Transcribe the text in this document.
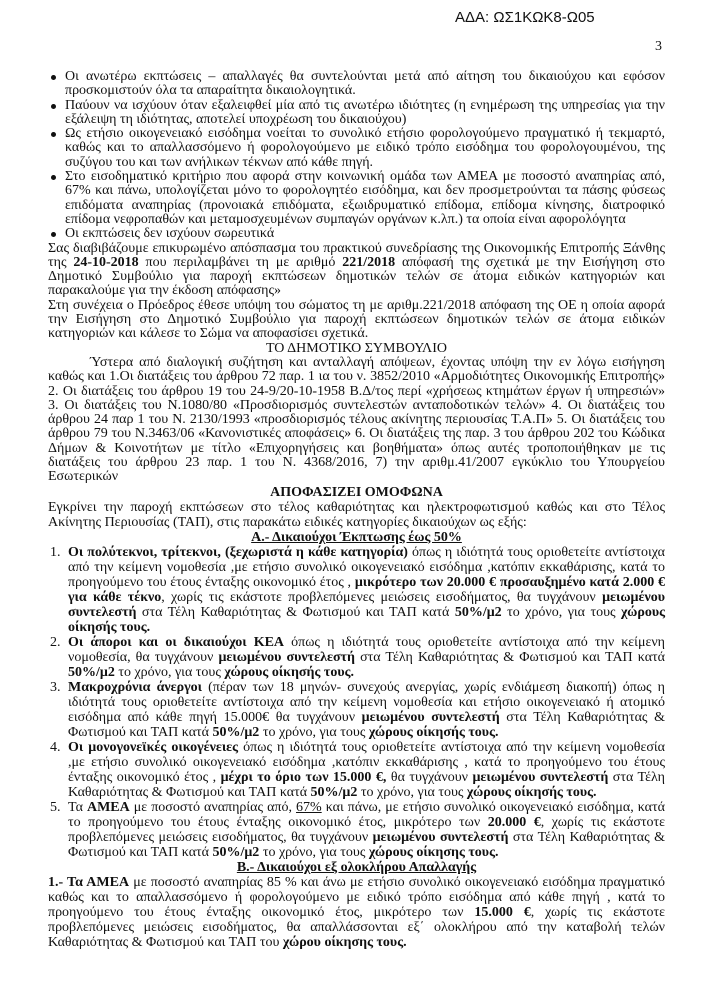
ΑΔΑ: ΩΣ1ΚΩΚ8-Ω05
3
Οι ανωτέρω εκπτώσεις – απαλλαγές θα συντελούνται μετά από αίτηση του δικαιούχου και εφόσον προσκομιστούν όλα τα απαραίτητα δικαιολογητικά.
Παύουν να ισχύουν όταν εξαλειφθεί μία από τις ανωτέρω ιδιότητες (η ενημέρωση της υπηρεσίας για την εξάλειψη τη ιδιότητας, αποτελεί υποχρέωση του δικαιούχου)
Ως ετήσιο οικογενειακό εισόδημα νοείται το συνολικό ετήσιο φορολογούμενο πραγματικό ή τεκμαρτό, καθώς και το απαλλασσόμενο ή φορολογούμενο με ειδικό τρόπο εισόδημα του φορολογουμένου, της συζύγου του και των ανήλικων τέκνων από κάθε πηγή.
Στο εισοδηματικό κριτήριο που αφορά στην κοινωνική ομάδα των ΑΜΕΑ με ποσοστό αναπηρίας από, 67% και πάνω, υπολογίζεται μόνο το φορολογητέο εισόδημα, και δεν προσμετρούνται τα πάσης φύσεως επιδόματα αναπηρίας (προνοιακά επιδόματα, εξωιδρυματικό επίδομα, επίδομα κίνησης, διατροφικό επίδομα νεφροπαθών και μεταμοσχευμένων συμπαγών οργάνων κ.λπ.) τα οποία είναι αφορολόγητα
Οι εκπτώσεις δεν ισχύουν σωρευτικά

Σας διαβιβάζουμε επικυρωμένο απόσπασμα του πρακτικού συνεδρίασης της Οικονομικής Επιτροπής Ξάνθης της 24-10-2018 που περιλαμβάνει τη με αριθμό 221/2018 απόφασή της σχετικά με την Εισήγηση στο Δημοτικό Συμβούλιο για παροχή εκπτώσεων δημοτικών τελών σε άτομα ειδικών κατηγοριών και παρακαλούμε για την έκδοση απόφασης»

Στη συνέχεια ο Πρόεδρος έθεσε υπόψη του σώματος τη με αριθμ.221/2018 απόφαση της ΟΕ η οποία αφορά την Εισήγηση στο Δημοτικό Συμβούλιο για παροχή εκπτώσεων δημοτικών τελών σε άτομα ειδικών κατηγοριών και κάλεσε το Σώμα να αποφασίσει σχετικά.

ΤΟ ΔΗΜΟΤΙΚΟ ΣΥΜΒΟΥΛΙΟ

Ύστερα από διαλογική συζήτηση και ανταλλαγή απόψεων, έχοντας υπόψη την εν λόγω εισήγηση καθώς και 1.Οι διατάξεις του άρθρου 72 παρ. 1 ια του ν. 3852/2010 «Αρμοδιότητες Οικονομικής Επιτροπής» 2. Οι διατάξεις του άρθρου 19 του 24-9/20-10-1958 Β.Δ/τος περί «χρήσεως κτημάτων έργων ή υπηρεσιών» 3. Οι διατάξεις του Ν.1080/80 «Προσδιορισμός συντελεστών ανταποδοτικών τελών» 4. Οι διατάξεις του άρθρου 24 παρ 1 του Ν. 2130/1993 «προσδιορισμός τέλους ακίνητης περιουσίας Τ.Α.Π» 5. Οι διατάξεις του άρθρου 79 του Ν.3463/06 «Κανονιστικές αποφάσεις» 6. Οι διατάξεις της παρ. 3 του άρθρου 202 του Κώδικα Δήμων & Κοινοτήτων με τίτλο «Επιχορηγήσεις και βοηθήματα» όπως αυτές τροποποιήθηκαν με τις διατάξεις του άρθρου 23 παρ. 1 του Ν. 4368/2016, 7) την αριθμ.41/2007 εγκύκλιο του Υπουργείου Εσωτερικών

ΑΠΟΦΑΣΙΖΕΙ ΟΜΟΦΩΝΑ

Εγκρίνει την παροχή εκπτώσεων στο τέλος καθαριότητας και ηλεκτροφωτισμού καθώς και στο Τέλος Ακίνητης Περιουσίας (ΤΑΠ), στις παρακάτω ειδικές κατηγορίες δικαιούχων ως εξής:

Α.- Δικαιούχοι Έκπτωσης έως 50%

1. Οι πολύτεκνοι, τρίτεκνοι, (ξεχωριστά η κάθε κατηγορία) όπως η ιδιότητά τους οριοθετείτε αντίστοιχα από την κείμενη νομοθεσία ,με ετήσιο συνολικό οικογενειακό εισόδημα ,κατόπιν εκκαθάρισης, κατά το προηγούμενο του έτους ένταξης οικονομικό έτος , μικρότερο των 20.000 € προσαυξημένο κατά 2.000 € για κάθε τέκνο, χωρίς τις εκάστοτε προβλεπόμενες μειώσεις εισοδήματος, θα τυγχάνουν μειωμένου συντελεστή στα Τέλη Καθαριότητας & Φωτισμού και ΤΑΠ κατά 50%/μ2 το χρόνο, για τους χώρους οίκησής τους.
2. Οι άποροι και οι δικαιούχοι ΚΕΑ όπως η ιδιότητά τους οριοθετείτε αντίστοιχα από την κείμενη νομοθεσία, θα τυγχάνουν μειωμένου συντελεστή στα Τέλη Καθαριότητας & Φωτισμού και ΤΑΠ κατά 50%/μ2 το χρόνο, για τους χώρους οίκησής τους.
3. Μακροχρόνια άνεργοι (πέραν των 18 μηνών- συνεχούς ανεργίας, χωρίς ενδιάμεση διακοπή) όπως η ιδιότητά τους οριοθετείτε αντίστοιχα από την κείμενη νομοθεσία και ετήσιο οικογενειακό ή ατομικό εισόδημα από κάθε πηγή 15.000€ θα τυγχάνουν μειωμένου συντελεστή στα Τέλη Καθαριότητας & Φωτισμού και ΤΑΠ κατά 50%/μ2 το χρόνο, για τους χώρους οίκησής τους.
4. Οι μονογονεϊκές οικογένειες όπως η ιδιότητά τους οριοθετείτε αντίστοιχα από την κείμενη νομοθεσία ,με ετήσιο συνολικό οικογενειακό εισόδημα ,κατόπιν εκκαθάρισης , κατά το προηγούμενο του έτους ένταξης οικονομικό έτος , μέχρι το όριο των 15.000 €, θα τυγχάνουν μειωμένου συντελεστή στα Τέλη Καθαριότητας & Φωτισμού και ΤΑΠ κατά 50%/μ2 το χρόνο, για τους χώρους οίκησής τους.
5. Τα ΑΜΕΑ με ποσοστό αναπηρίας από, 67% και πάνω, με ετήσιο συνολικό οικογενειακό εισόδημα, κατά το προηγούμενο του έτους ένταξης οικονομικό έτος, μικρότερο των 20.000 €, χωρίς τις εκάστοτε προβλεπόμενες μειώσεις εισοδήματος, θα τυγχάνουν μειωμένου συντελεστή στα Τέλη Καθαριότητας & Φωτισμού και ΤΑΠ κατά 50%/μ2 το χρόνο, για τους χώρους οίκησης τους.

Β.- Δικαιούχοι εξ ολοκλήρου Απαλλαγής

1.- Τα ΑΜΕΑ με ποσοστό αναπηρίας 85 % και άνω με ετήσιο συνολικό οικογενειακό εισόδημα πραγματικό καθώς και το απαλλασσόμενο ή φορολογούμενο με ειδικό τρόπο εισόδημα από κάθε πηγή , κατά το προηγούμενο του έτους ένταξης οικονομικό έτος, μικρότερο των 15.000 €, χωρίς τις εκάστοτε προβλεπόμενες μειώσεις εισοδήματος, θα απαλλάσσονται εξ΄ ολοκλήρου από την καταβολή τελών Καθαριότητας & Φωτισμού και ΤΑΠ του χώρου οίκησης τους.
